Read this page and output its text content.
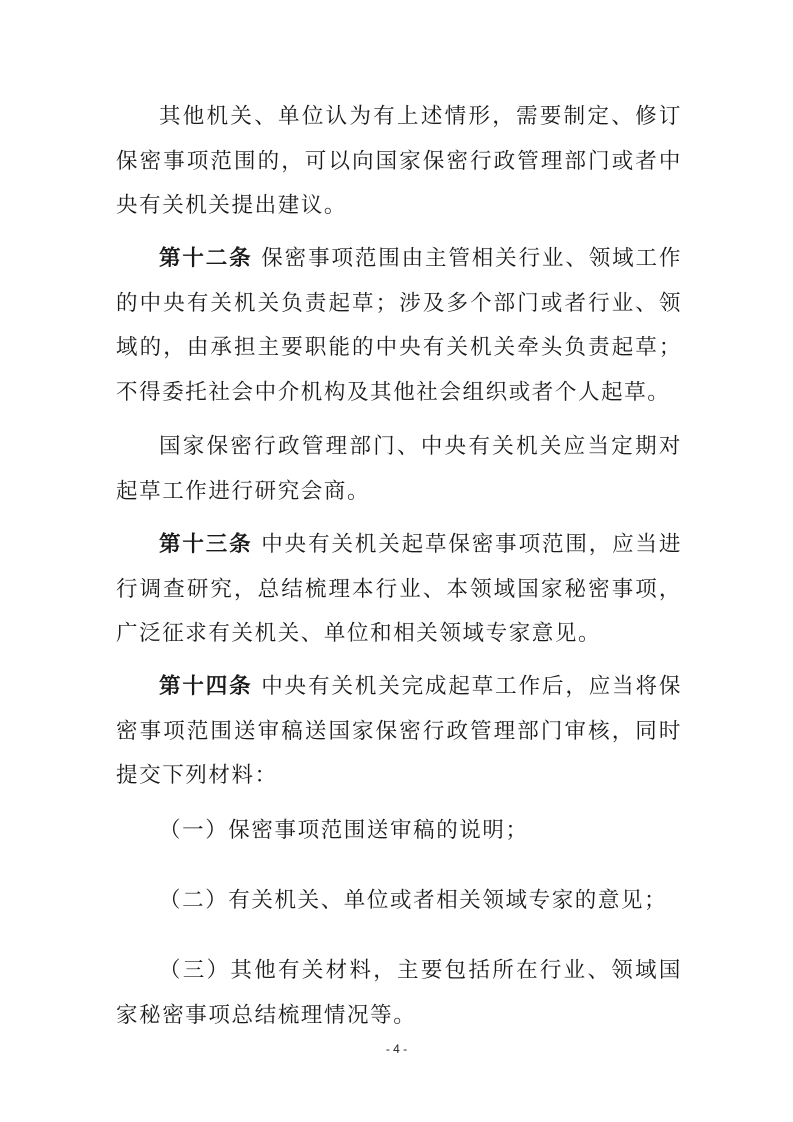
其他机关、单位认为有上述情形，需要制定、修订保密事项范围的，可以向国家保密行政管理部门或者中央有关机关提出建议。

第十二条 保密事项范围由主管相关行业、领域工作的中央有关机关负责起草；涉及多个部门或者行业、领域的，由承担主要职能的中央有关机关牵头负责起草；不得委托社会中介机构及其他社会组织或者个人起草。

国家保密行政管理部门、中央有关机关应当定期对起草工作进行研究会商。

第十三条 中央有关机关起草保密事项范围，应当进行调查研究，总结梳理本行业、本领域国家秘密事项，广泛征求有关机关、单位和相关领域专家意见。

第十四条 中央有关机关完成起草工作后，应当将保密事项范围送审稿送国家保密行政管理部门审核，同时提交下列材料：

（一）保密事项范围送审稿的说明；

（二）有关机关、单位或者相关领域专家的意见；

（三）其他有关材料，主要包括所在行业、领域国家秘密事项总结梳理情况等。

- 4 -
